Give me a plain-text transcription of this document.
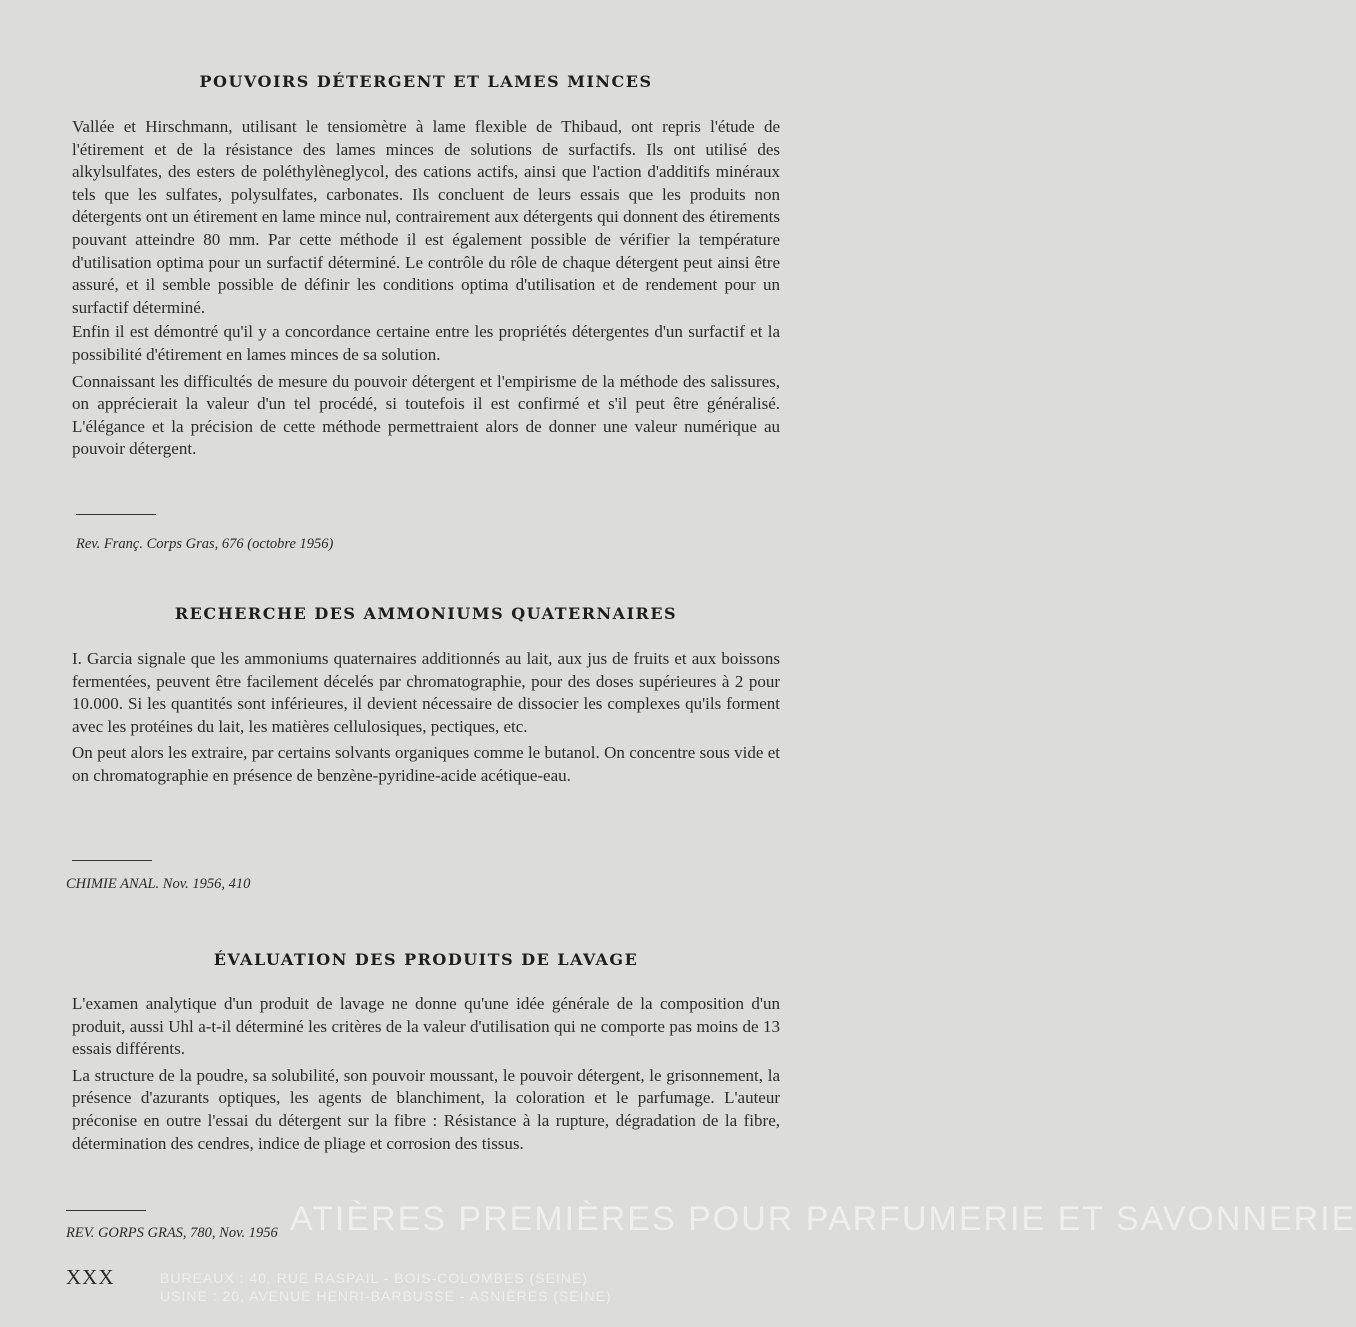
ATIÈRES PREMIÈRES POUR PARFUMERIE ET SAVONNERIE
BUREAUX : 40, RUE RASPAIL - BOIS-COLOMBES (SEINE)
USINE : 20, AVENUE HENRI-BARBUSSE - ASNIÈRES (SEINE)
POUVOIRS DÉTERGENT ET LAMES MINCES

Vallée et Hirschmann, utilisant le tensiomètre à lame flexible de Thibaud, ont repris l'étude de l'étirement et de la résistance des lames minces de solutions de surfactifs. Ils ont utilisé des alkylsulfates, des esters de poléthylèneglycol, des cations actifs, ainsi que l'action d'additifs minéraux tels que les sulfates, polysulfates, carbonates. Ils concluent de leurs essais que les produits non détergents ont un étirement en lame mince nul, contrairement aux détergents qui donnent des étirements pouvant atteindre 80 mm. Par cette méthode il est également possible de vérifier la température d'utilisation optima pour un surfactif déterminé. Le contrôle du rôle de chaque détergent peut ainsi être assuré, et il semble possible de définir les conditions optima d'utilisation et de rendement pour un surfactif déterminé.

Enfin il est démontré qu'il y a concordance certaine entre les propriétés détergentes d'un surfactif et la possibilité d'étirement en lames minces de sa solution.

Connaissant les difficultés de mesure du pouvoir détergent et l'empirisme de la méthode des salissures, on apprécierait la valeur d'un tel procédé, si toutefois il est confirmé et s'il peut être généralisé. L'élégance et la précision de cette méthode permettraient alors de donner une valeur numérique au pouvoir détergent.

Rev. Franç. Corps Gras, 676 (octobre 1956)
RECHERCHE DES AMMONIUMS QUATERNAIRES

I. Garcia signale que les ammoniums quaternaires additionnés au lait, aux jus de fruits et aux boissons fermentées, peuvent être facilement décelés par chromatographie, pour des doses supérieures à 2 pour 10.000. Si les quantités sont inférieures, il devient nécessaire de dissocier les complexes qu'ils forment avec les protéines du lait, les matières cellulosiques, pectiques, etc.

On peut alors les extraire, par certains solvants organiques comme le butanol. On concentre sous vide et on chromatographie en présence de benzène-pyridine-acide acétique-eau.

CHIMIE ANAL. Nov. 1956, 410
ÉVALUATION DES PRODUITS DE LAVAGE

L'examen analytique d'un produit de lavage ne donne qu'une idée générale de la composition d'un produit, aussi Uhl a-t-il déterminé les critères de la valeur d'utilisation qui ne comporte pas moins de 13 essais différents.

La structure de la poudre, sa solubilité, son pouvoir moussant, le pouvoir détergent, le grisonnement, la présence d'azurants optiques, les agents de blanchiment, la coloration et le parfumage. L'auteur préconise en outre l'essai du détergent sur la fibre : Résistance à la rupture, dégradation de la fibre, détermination des cendres, indice de pliage et corrosion des tissus.

REV. GORPS GRAS, 780, Nov. 1956
XXX
